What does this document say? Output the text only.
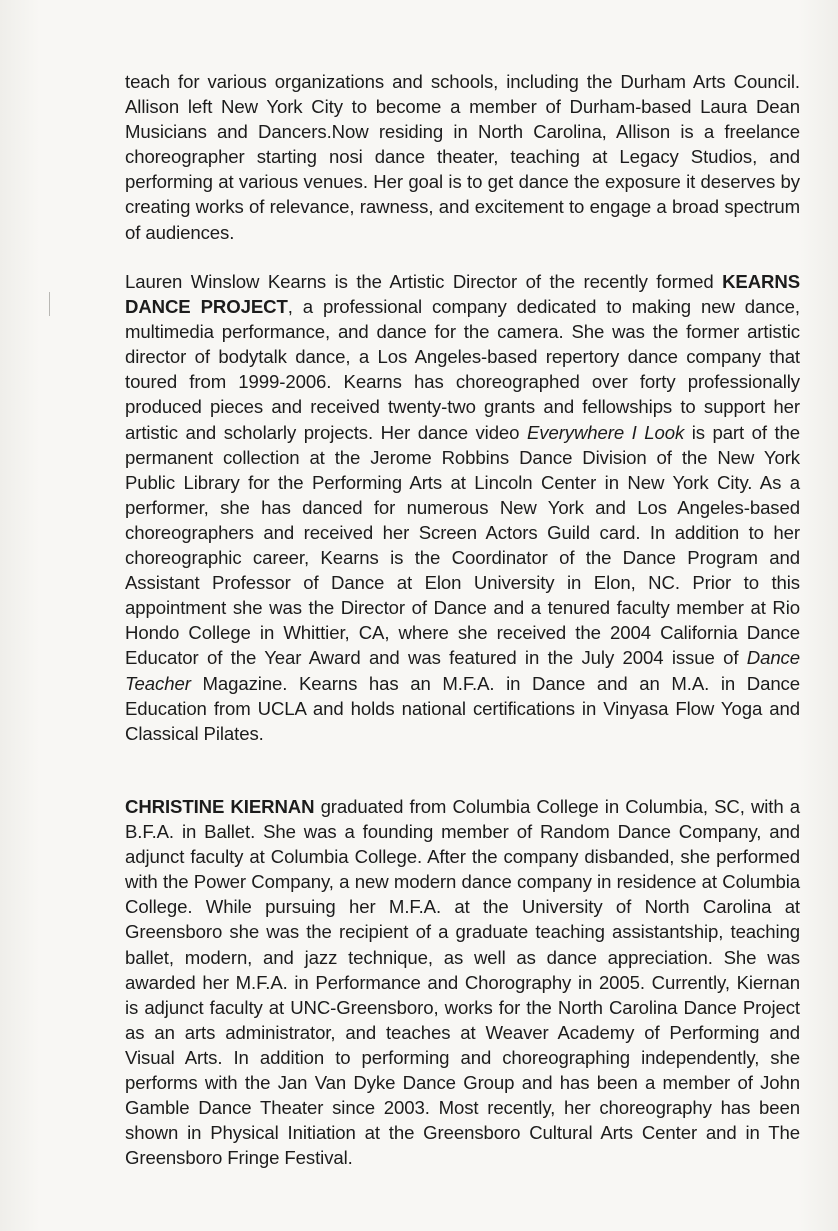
teach for various organizations and schools, including the Durham Arts Council. Allison left New York City to become a member of Durham-based Laura Dean Musicians and Dancers.Now residing in North Carolina, Allison is a freelance choreographer starting nosi dance theater, teaching at Legacy Studios, and performing at various venues. Her goal is to get dance the exposure it deserves by creating works of relevance, rawness, and excitement to engage a broad spectrum of audiences.

Lauren Winslow Kearns is the Artistic Director of the recently formed KEARNS DANCE PROJECT, a professional company dedicated to making new dance, multimedia performance, and dance for the camera. She was the former artistic director of bodytalk dance, a Los Angeles-based repertory dance company that toured from 1999-2006. Kearns has choreographed over forty professionally produced pieces and received twenty-two grants and fellowships to support her artistic and scholarly projects. Her dance video Everywhere I Look is part of the permanent collection at the Jerome Robbins Dance Division of the New York Public Library for the Performing Arts at Lincoln Center in New York City. As a performer, she has danced for numerous New York and Los Angeles-based choreographers and received her Screen Actors Guild card. In addition to her choreographic career, Kearns is the Coordinator of the Dance Program and Assistant Professor of Dance at Elon University in Elon, NC. Prior to this appointment she was the Director of Dance and a tenured faculty member at Rio Hondo College in Whittier, CA, where she received the 2004 California Dance Educator of the Year Award and was featured in the July 2004 issue of Dance Teacher Magazine. Kearns has an M.F.A. in Dance and an M.A. in Dance Education from UCLA and holds national certifications in Vinyasa Flow Yoga and Classical Pilates.

CHRISTINE KIERNAN graduated from Columbia College in Columbia, SC, with a B.F.A. in Ballet. She was a founding member of Random Dance Company, and adjunct faculty at Columbia College. After the company disbanded, she performed with the Power Company, a new modern dance company in residence at Columbia College. While pursuing her M.F.A. at the University of North Carolina at Greensboro she was the recipient of a graduate teaching assistantship, teaching ballet, modern, and jazz technique, as well as dance appreciation. She was awarded her M.F.A. in Performance and Chorography in 2005. Currently, Kiernan is adjunct faculty at UNC-Greensboro, works for the North Carolina Dance Project as an arts administrator, and teaches at Weaver Academy of Performing and Visual Arts. In addition to performing and choreographing independently, she performs with the Jan Van Dyke Dance Group and has been a member of John Gamble Dance Theater since 2003. Most recently, her choreography has been shown in Physical Initiation at the Greensboro Cultural Arts Center and in The Greensboro Fringe Festival.
